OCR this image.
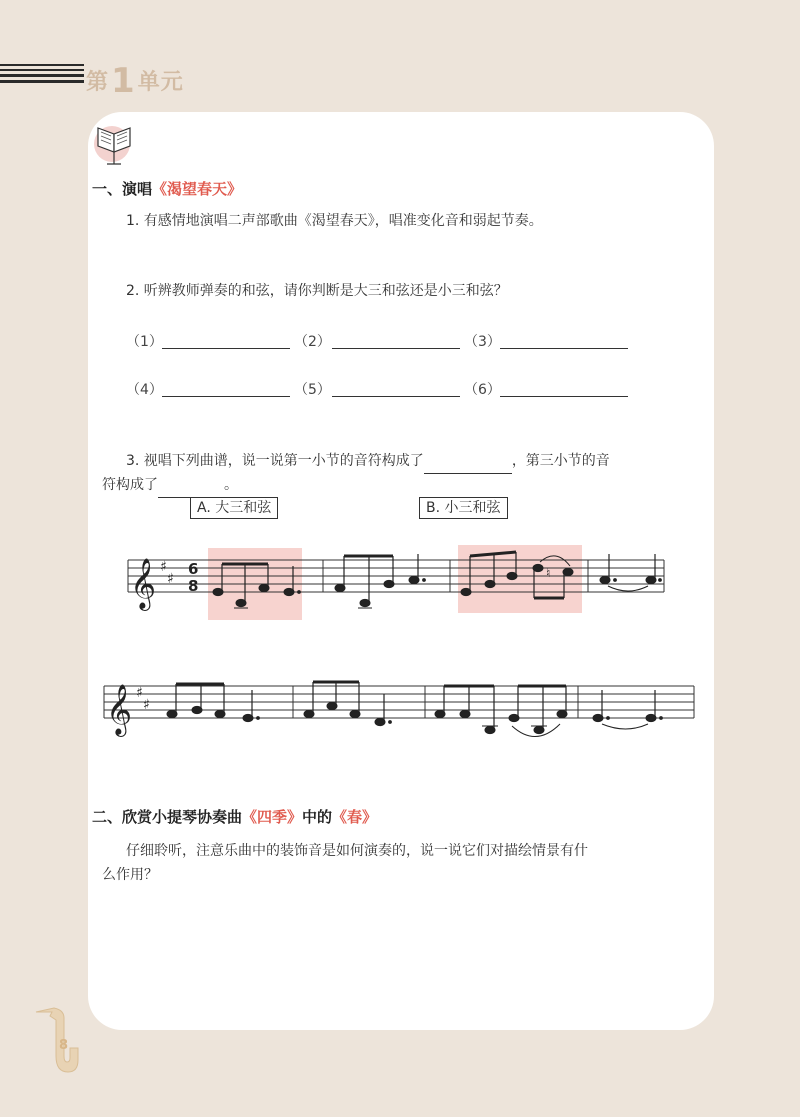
第1单元
一、演唱《渴望春天》
1. 有感情地演唱二声部歌曲《渴望春天》，唱准变化音和弱起节奏。
2. 听辨教师弹奏的和弦，请你判断是大三和弦还是小三和弦？
（1）	（2）	（3）
（4）	（5）	（6）
3. 视唱下列曲谱，说一说第一小节的音符构成了	，第三小节的音
符构成了	。
A. 大三和弦	B. 小三和弦
𝄞 ♯
♯
6
8
♮
𝄞 ♯
♯
二、欣赏小提琴协奏曲《四季》中的《春》
仔细聆听，注意乐曲中的装饰音是如何演奏的，说一说它们对描绘情景有什
么作用？
8
